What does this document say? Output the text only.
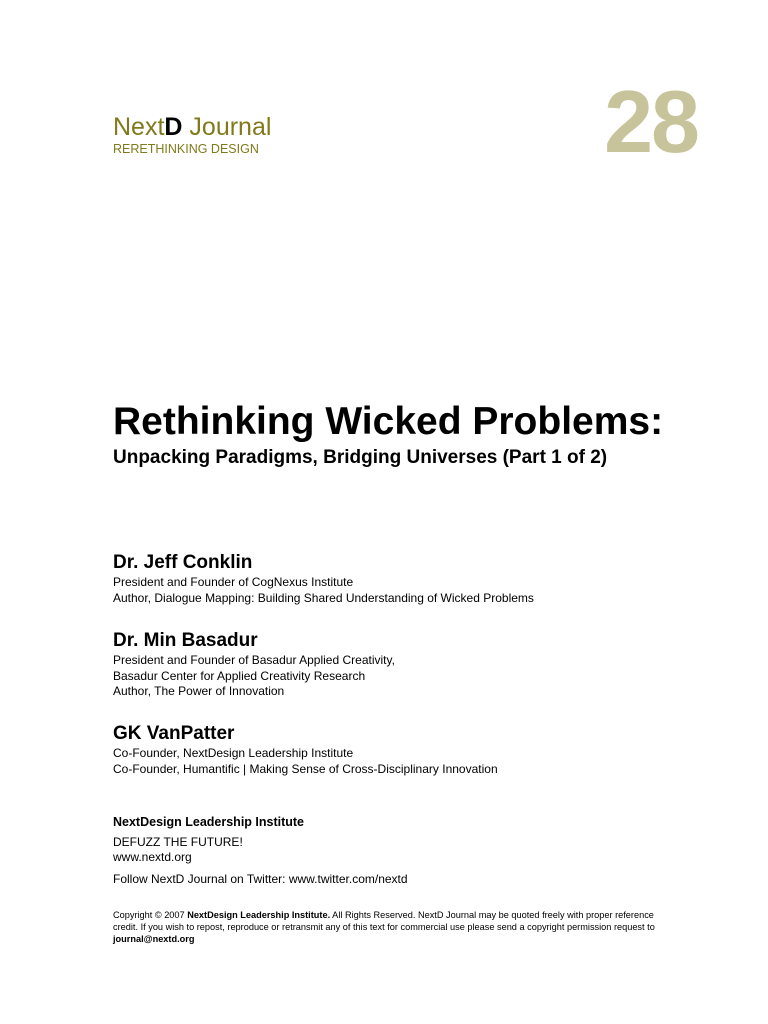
NextD Journal
RERETHINKING DESIGN	28
Rethinking Wicked Problems:
Unpacking Paradigms, Bridging Universes (Part 1 of 2)
Dr. Jeff Conklin
President and Founder of CogNexus Institute
Author, Dialogue Mapping: Building Shared Understanding of Wicked Problems
Dr. Min Basadur
President and Founder of Basadur Applied Creativity,
Basadur Center for Applied Creativity Research
Author, The Power of Innovation
GK VanPatter
Co-Founder, NextDesign Leadership Institute
Co-Founder, Humantific | Making Sense of Cross-Disciplinary Innovation
NextDesign Leadership Institute
DEFUZZ THE FUTURE!
www.nextd.org
Follow NextD Journal on Twitter: www.twitter.com/nextd
Copyright © 2007 NextDesign Leadership Institute. All Rights Reserved. NextD Journal may be quoted freely with proper reference credit. If you wish to repost, reproduce or retransmit any of this text for commercial use please send a copyright permission request to journal@nextd.org
